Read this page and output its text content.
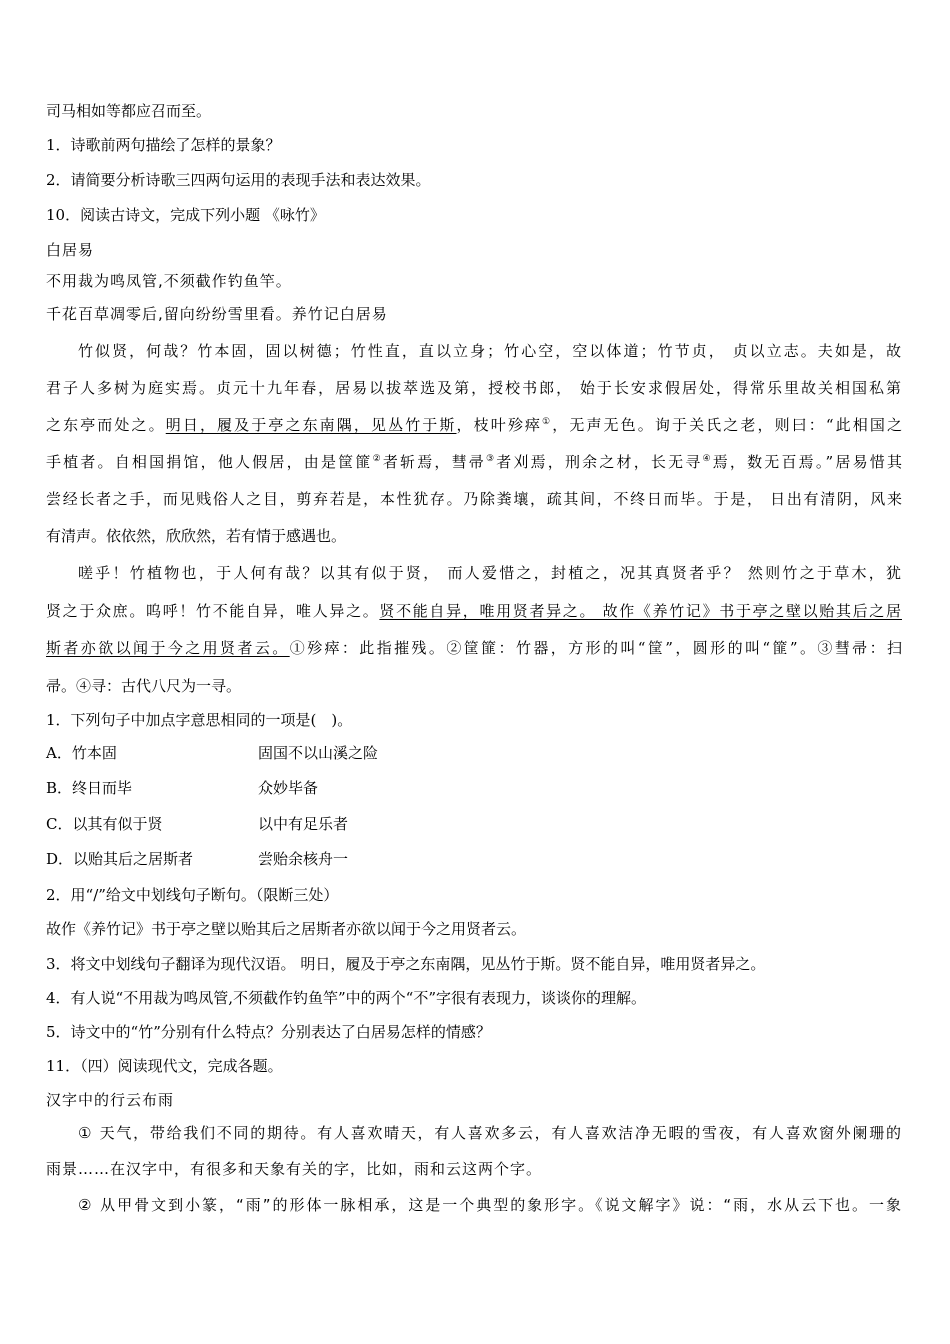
司马相如等都应召而至。

1．诗歌前两句描绘了怎样的景象？

2．请简要分析诗歌三四两句运用的表现手法和表达效果。

10．阅读古诗文，完成下列小题 《咏竹》

白居易

不用裁为鸣凤管,不须截作钓鱼竿。

千花百草凋零后,留向纷纷雪里看。养竹记白居易

竹似贤，何哉？竹本固，固以树德；竹性直，直以立身；竹心空，空以体道；竹节贞， 贞以立志。夫如是，故

君子人多树为庭实焉。贞元十九年春，居易以拔萃选及第，授校书郎， 始于长安求假居处，得常乐里故关相国私第

之东亭而处之。明日，履及于亭之东南隅，见丛竹于斯，枝叶殄瘁①，无声无色。询于关氏之老，则曰：“此相国之

手植者。自相国捐馆，他人假居，由是筐篚②者斩焉，彗帚③者刈焉，刑余之材，长无寻④焉，数无百焉。”居易惜其

尝经长者之手，而见贱俗人之目，剪弃若是，本性犹存。乃除粪壤，疏其间，不终日而毕。于是， 日出有清阴，风来

有清声。依依然，欣欣然，若有情于感遇也。

嗟乎！竹植物也，于人何有哉？以其有似于贤， 而人爱惜之，封植之，况其真贤者乎？ 然则竹之于草木，犹

贤之于众庶。呜呼！竹不能自异，唯人异之。贤不能自异，唯用贤者异之。 故作《养竹记》书于亭之壁以贻其后之居

斯者亦欲以闻于今之用贤者云。①殄瘁：此指摧残。②筐篚：竹器，方形的叫“筐”，圆形的叫“篚”。③彗帚：扫

帚。④寻：古代八尺为一寻。

1．下列句子中加点字意思相同的一项是(　)。

A．竹本固	固国不以山溪之险
B．终日而毕	众妙毕备
C．以其有似于贤	以中有足乐者
D．以贻其后之居斯者	尝贻余核舟一

2．用“/”给文中划线句子断句。（限断三处）

故作《养竹记》书于亭之壁以贻其后之居斯者亦欲以闻于今之用贤者云。

3．将文中划线句子翻译为现代汉语。 明日，履及于亭之东南隅，见丛竹于斯。贤不能自异，唯用贤者异之。

4．有人说“不用裁为鸣凤管,不须截作钓鱼竿”中的两个“不”字很有表现力，谈谈你的理解。

5．诗文中的“竹”分别有什么特点？分别表达了白居易怎样的情感？

11．（四）阅读现代文，完成各题。

汉字中的行云布雨

① 天气，带给我们不同的期待。有人喜欢晴天，有人喜欢多云，有人喜欢洁净无暇的雪夜，有人喜欢窗外阑珊的

雨景……在汉字中，有很多和天象有关的字，比如，雨和云这两个字。

② 从甲骨文到小篆，“雨”的形体一脉相承，这是一个典型的象形字。《说文解字》说：“雨，水从云下也。一象
